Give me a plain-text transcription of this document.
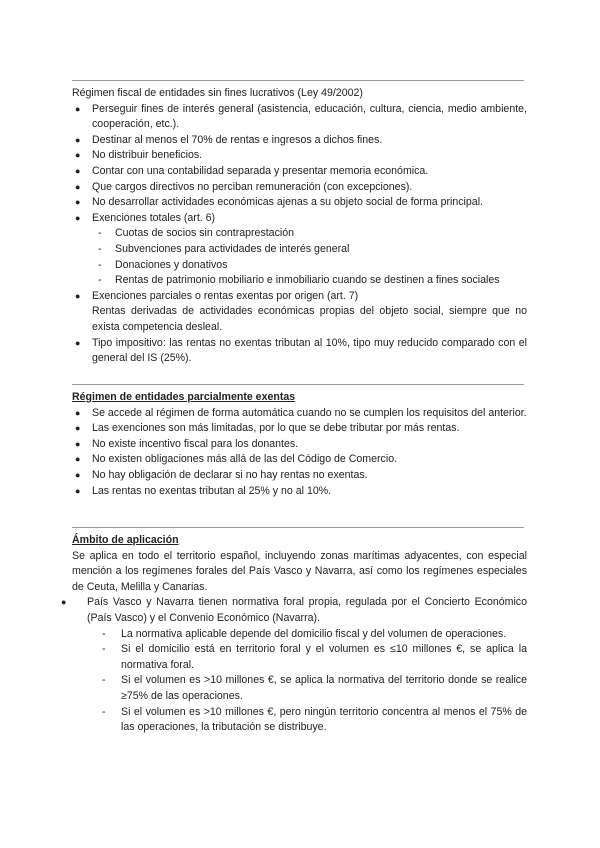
Régimen fiscal de entidades sin fines lucrativos (Ley 49/2002)
● Perseguir fines de interés general (asistencia, educación, cultura, ciencia, medio ambiente, cooperación, etc.).
● Destinar al menos el 70% de rentas e ingresos a dichos fines.
● No distribuir beneficios.
● Contar con una contabilidad separada y presentar memoria económica.
● Que cargos directivos no perciban remuneración (con excepciones).
● No desarrollar actividades económicas ajenas a su objeto social de forma principal.
● Exenciones totales (art. 6)
- Cuotas de socios sin contraprestación
- Subvenciones para actividades de interés general
- Donaciones y donativos
- Rentas de patrimonio mobiliario e inmobiliario cuando se destinen a fines sociales
● Exenciones parciales o rentas exentas por origen (art. 7)
Rentas derivadas de actividades económicas propias del objeto social, siempre que no exista competencia desleal.
● Tipo impositivo: las rentas no exentas tributan al 10%, tipo muy reducido comparado con el general del IS (25%).
Régimen de entidades parcialmente exentas
● Se accede al régimen de forma automática cuando no se cumplen los requisitos del anterior.
● Las exenciones son más limitadas, por lo que se debe tributar por más rentas.
● No existe incentivo fiscal para los donantes.
● No existen obligaciones más allá de las del Código de Comercio.
● No hay obligación de declarar si no hay rentas no exentas.
● Las rentas no exentas tributan al 25% y no al 10%.
Ámbito de aplicación

Se aplica en todo el territorio español, incluyendo zonas marítimas adyacentes, con especial mención a los regímenes forales del País Vasco y Navarra, así como los regímenes especiales de Ceuta, Melilla y Canarias.

● País Vasco y Navarra tienen normativa foral propia, regulada por el Concierto Económico (País Vasco) y el Convenio Económico (Navarra).
- La normativa aplicable depende del domicilio fiscal y del volumen de operaciones.
- Si el domicilio está en territorio foral y el volumen es ≤10 millones €, se aplica la normativa foral.
- Si el volumen es >10 millones €, se aplica la normativa del territorio donde se realice ≥75% de las operaciones.
- Si el volumen es >10 millones €, pero ningún territorio concentra al menos el 75% de las operaciones, la tributación se distribuye.
